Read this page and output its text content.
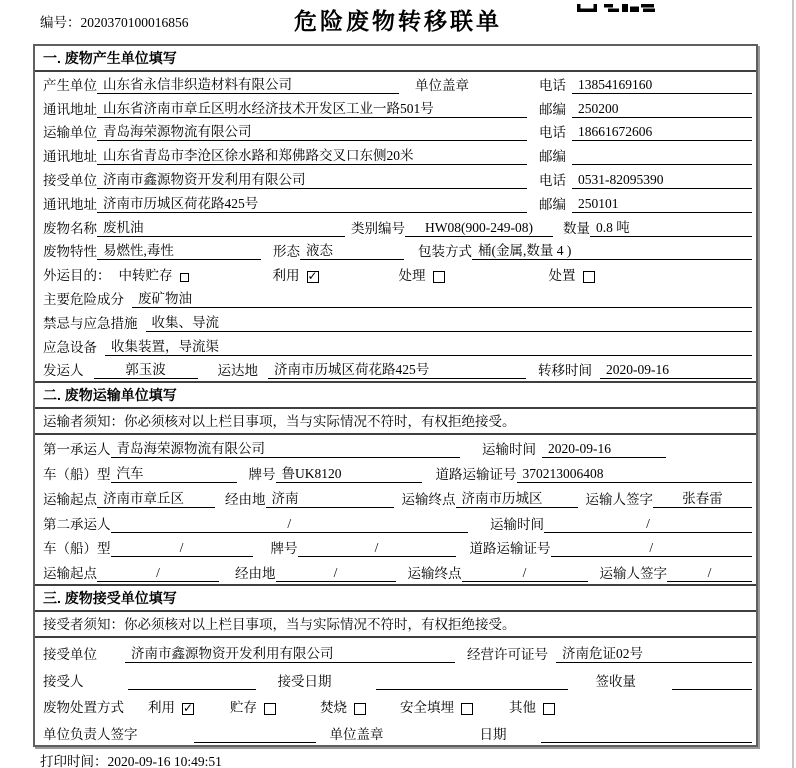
编号：2020370100016856	危险废物转移联单
一. 废物产生单位填写
产生单位 山东省永信非织造材料有限公司	单位盖章	电话 13854169160
通讯地址 山东省济南市章丘区明水经济技术开发区工业一路501号	邮编 250200
运输单位 青岛海荣源物流有限公司	电话 18661672606
通讯地址 山东省青岛市李沧区徐水路和郑佛路交叉口东侧20米	邮编
接受单位 济南市鑫源物资开发利用有限公司	电话 0531-82095390
通讯地址 济南市历城区荷花路425号	邮编 250101
废物名称 废机油	类别编号	HW08(900-249-08)	数量 0.8 吨
废物特性 易燃性,毒性	形态 液态	包装方式 桶(金属,数量 4 )
外运目的： 中转贮存	利用 ✓	处理	处置
主要危险成分	废矿物油
禁忌与应急措施	收集、导流
应急设备	收集装置，导流渠
发运人	郭玉波	运达地	济南市历城区荷花路425号	转移时间	2020-09-16
二. 废物运输单位填写
运输者须知：你必须核对以上栏目事项，当与实际情况不符时，有权拒绝接受。
第一承运人 青岛海荣源物流有限公司	运输时间 2020-09-16
车（船）型 汽车	牌号 鲁UK8120	道路运输证号 370213006408
运输起点 济南市章丘区	经由地 济南	运输终点 济南市历城区	运输人签字	张春雷
第二承运人	/	运输时间	/
车（船）型	/	牌号	/	道路运输证号	/
运输起点	/	经由地	/	运输终点	/	运输人签字	/
三. 废物接受单位填写
接受者须知：你必须核对以上栏目事项，当与实际情况不符时，有权拒绝接受。
接受单位	济南市鑫源物资开发利用有限公司	经营许可证号	济南危证02号
接受人	接受日期	签收量
废物处置方式 利用 ✓	贮存	焚烧	安全填埋	其他
单位负责人签字	单位盖章	日期
打印时间：2020-09-16 10:49:51
